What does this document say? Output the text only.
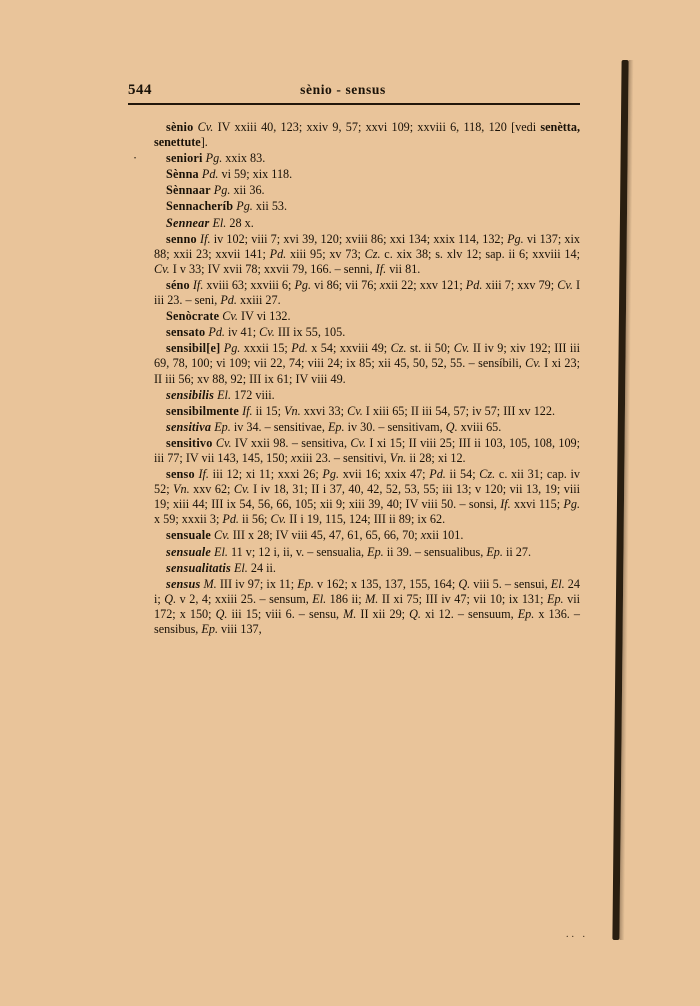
544	sènio - sensus

sènio Cv. IV xxiii 40, 123; xxiv 9, 57; xxvi 109; xxviii 6, 118, 120 [vedi senètta, senettute].

· seniori Pg. xxix 83.

Sènna Pd. vi 59; xix 118.

Sènnaar Pg. xii 36.

Sennacheríb Pg. xii 53.

Sennear El. 28 x.

senno If. iv 102; viii 7; xvi 39, 120; xviii 86; xxi 134; xxix 114, 132; Pg. vi 137; xix 88; xxii 23; xxvii 141; Pd. xiii 95; xv 73; Cz. c. xix 38; s. xlv 12; sap. ii 6; xxviii 14; Cv. I v 33; IV xvii 78; xxvii 79, 166. – senni, If. vii 81.

séno If. xviii 63; xxviii 6; Pg. vi 86; vii 76; xxii 22; xxv 121; Pd. xiii 7; xxv 79; Cv. I iii 23. – seni, Pd. xxiii 27.

Senòcrate Cv. IV vi 132.

sensato Pd. iv 41; Cv. III ix 55, 105.

sensibil[e] Pg. xxxii 15; Pd. x 54; xxviii 49; Cz. st. ii 50; Cv. II iv 9; xiv 192; III iii 69, 78, 100; vi 109; vii 22, 74; viii 24; ix 85; xii 45, 50, 52, 55. – sensíbili, Cv. I xi 23; II iii 56; xv 88, 92; III ix 61; IV viii 49.

sensibilis El. 172 viii.

sensibilmente If. ii 15; Vn. xxvi 33; Cv. I xiii 65; II iii 54, 57; iv 57; III xv 122.

sensitiva Ep. iv 34. – sensitivae, Ep. iv 30. – sensitivam, Q. xviii 65.

sensitivo Cv. IV xxii 98. – sensitiva, Cv. I xi 15; II viii 25; III ii 103, 105, 108, 109; iii 77; IV vii 143, 145, 150; xxiii 23. – sensitivi, Vn. ii 28; xi 12.

senso If. iii 12; xi 11; xxxi 26; Pg. xvii 16; xxix 47; Pd. ii 54; Cz. c. xii 31; cap. iv 52; Vn. xxv 62; Cv. I iv 18, 31; II i 37, 40, 42, 52, 53, 55; iii 13; v 120; vii 13, 19; viii 19; xiii 44; III ix 54, 56, 66, 105; xii 9; xiii 39, 40; IV viii 50. – sonsi, If. xxvi 115; Pg. x 59; xxxii 3; Pd. ii 56; Cv. II i 19, 115, 124; III ii 89; ix 62.

sensuale Cv. III x 28; IV viii 45, 47, 61, 65, 66, 70; xxii 101.

sensuale El. 11 v; 12 i, ii, v. – sensualia, Ep. ii 39. – sensualibus, Ep. ii 27.

sensualitatis El. 24 ii.

sensus M. III iv 97; ix 11; Ep. v 162; x 135, 137, 155, 164; Q. viii 5. – sensui, El. 24 i; Q. v 2, 4; xxiii 25. – sensum, El. 186 ii; M. II xi 75; III iv 47; vii 10; ix 131; Ep. vii 172; x 150; Q. iii 15; viii 6. – sensu, M. II xii 29; Q. xi 12. – sensuum, Ep. x 136. – sensibus, Ep. viii 137,

.. .
